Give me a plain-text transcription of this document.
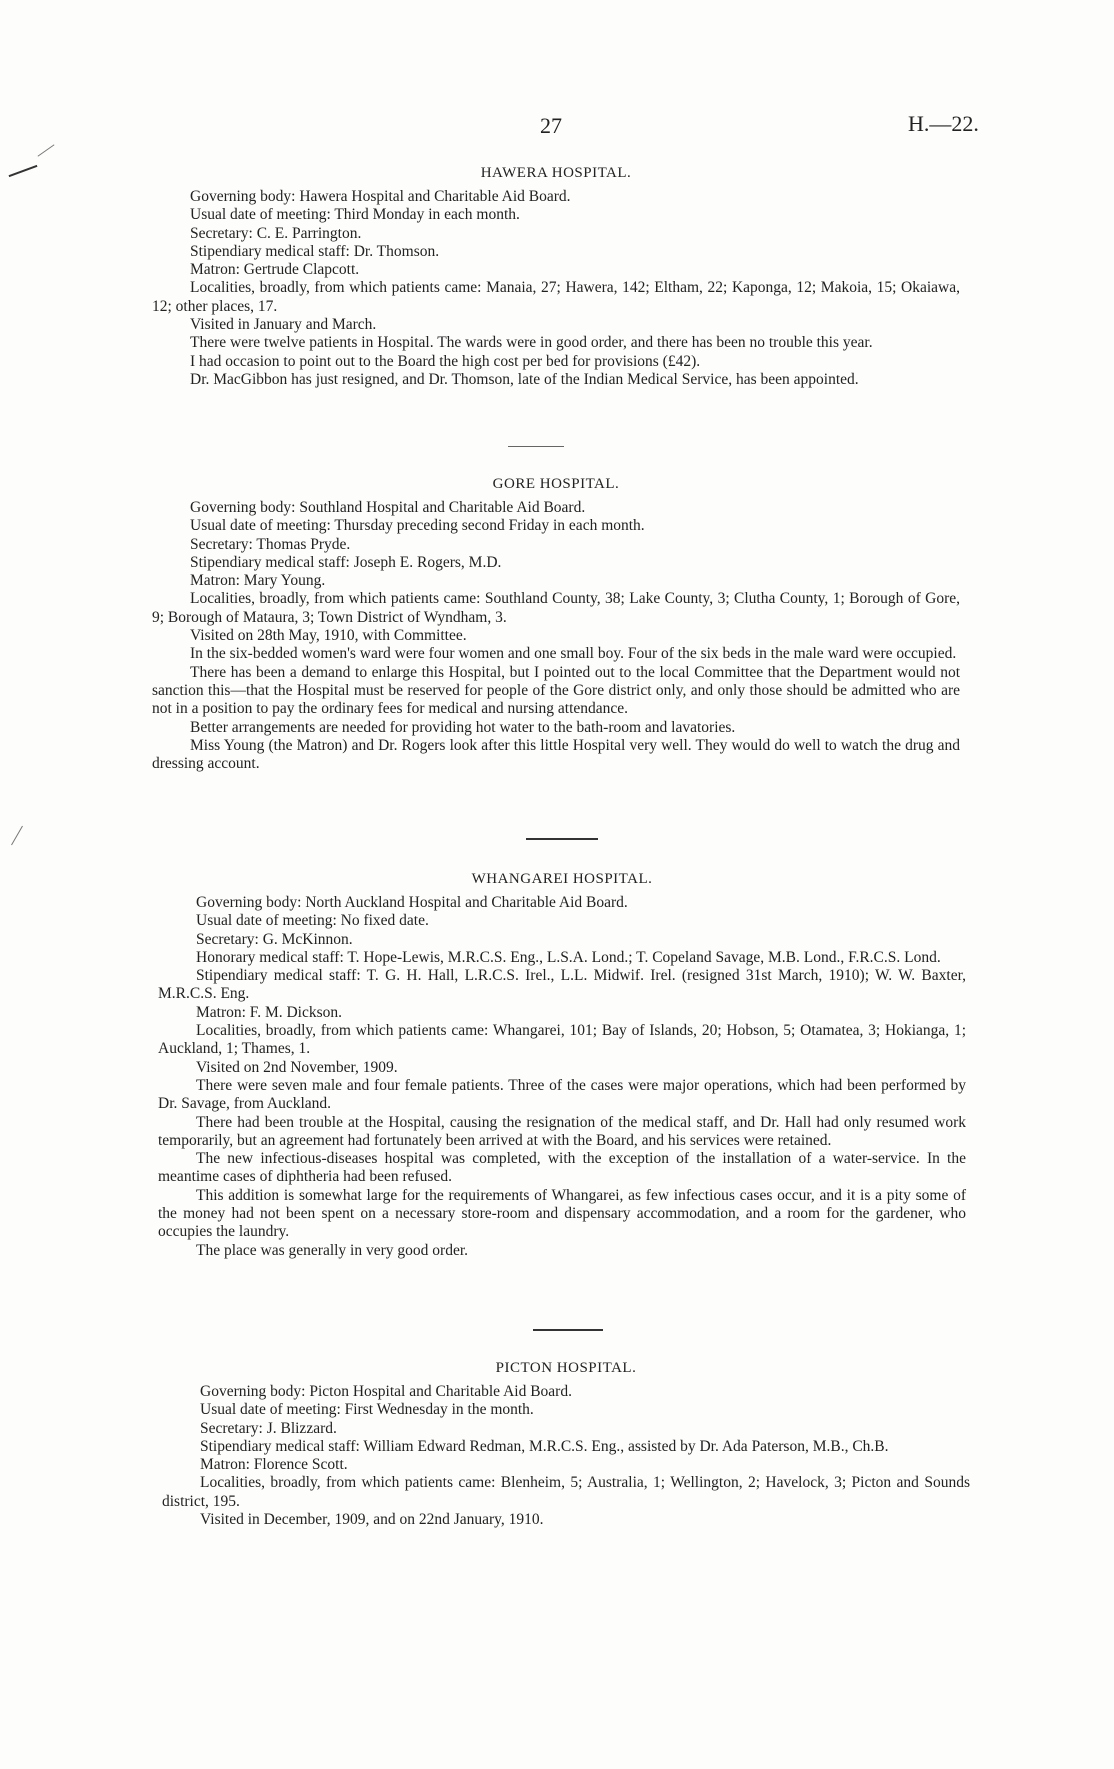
27	H.—22.
HAWERA HOSPITAL.

Governing body: Hawera Hospital and Charitable Aid Board.

Usual date of meeting: Third Monday in each month.

Secretary: C. E. Parrington.

Stipendiary medical staff: Dr. Thomson.

Matron: Gertrude Clapcott.

Localities, broadly, from which patients came: Manaia, 27; Hawera, 142; Eltham, 22; Kaponga, 12; Makoia, 15; Okaiawa, 12; other places, 17.

Visited in January and March.

There were twelve patients in Hospital. The wards were in good order, and there has been no trouble this year.

I had occasion to point out to the Board the high cost per bed for provisions (£42).

Dr. MacGibbon has just resigned, and Dr. Thomson, late of the Indian Medical Service, has been appointed.

GORE HOSPITAL.

Governing body: Southland Hospital and Charitable Aid Board.

Usual date of meeting: Thursday preceding second Friday in each month.

Secretary: Thomas Pryde.

Stipendiary medical staff: Joseph E. Rogers, M.D.

Matron: Mary Young.

Localities, broadly, from which patients came: Southland County, 38; Lake County, 3; Clutha County, 1; Borough of Gore, 9; Borough of Mataura, 3; Town District of Wyndham, 3.

Visited on 28th May, 1910, with Committee.

In the six-bedded women's ward were four women and one small boy. Four of the six beds in the male ward were occupied.

There has been a demand to enlarge this Hospital, but I pointed out to the local Committee that the Department would not sanction this—that the Hospital must be reserved for people of the Gore district only, and only those should be admitted who are not in a position to pay the ordinary fees for medical and nursing attendance.

Better arrangements are needed for providing hot water to the bath-room and lavatories.

Miss Young (the Matron) and Dr. Rogers look after this little Hospital very well. They would do well to watch the drug and dressing account.

WHANGAREI HOSPITAL.

Governing body: North Auckland Hospital and Charitable Aid Board.

Usual date of meeting: No fixed date.

Secretary: G. McKinnon.

Honorary medical staff: T. Hope-Lewis, M.R.C.S. Eng., L.S.A. Lond.; T. Copeland Savage, M.B. Lond., F.R.C.S. Lond.

Stipendiary medical staff: T. G. H. Hall, L.R.C.S. Irel., L.L. Midwif. Irel. (resigned 31st March, 1910); W. W. Baxter, M.R.C.S. Eng.

Matron: F. M. Dickson.

Localities, broadly, from which patients came: Whangarei, 101; Bay of Islands, 20; Hobson, 5; Otamatea, 3; Hokianga, 1; Auckland, 1; Thames, 1.

Visited on 2nd November, 1909.

There were seven male and four female patients. Three of the cases were major operations, which had been performed by Dr. Savage, from Auckland.

There had been trouble at the Hospital, causing the resignation of the medical staff, and Dr. Hall had only resumed work temporarily, but an agreement had fortunately been arrived at with the Board, and his services were retained.

The new infectious-diseases hospital was completed, with the exception of the installation of a water-service. In the meantime cases of diphtheria had been refused.

This addition is somewhat large for the requirements of Whangarei, as few infectious cases occur, and it is a pity some of the money had not been spent on a necessary store-room and dispensary accommodation, and a room for the gardener, who occupies the laundry.

The place was generally in very good order.

PICTON HOSPITAL.

Governing body: Picton Hospital and Charitable Aid Board.

Usual date of meeting: First Wednesday in the month.

Secretary: J. Blizzard.

Stipendiary medical staff: William Edward Redman, M.R.C.S. Eng., assisted by Dr. Ada Paterson, M.B., Ch.B.

Matron: Florence Scott.

Localities, broadly, from which patients came: Blenheim, 5; Australia, 1; Wellington, 2; Havelock, 3; Picton and Sounds district, 195.

Visited in December, 1909, and on 22nd January, 1910.
